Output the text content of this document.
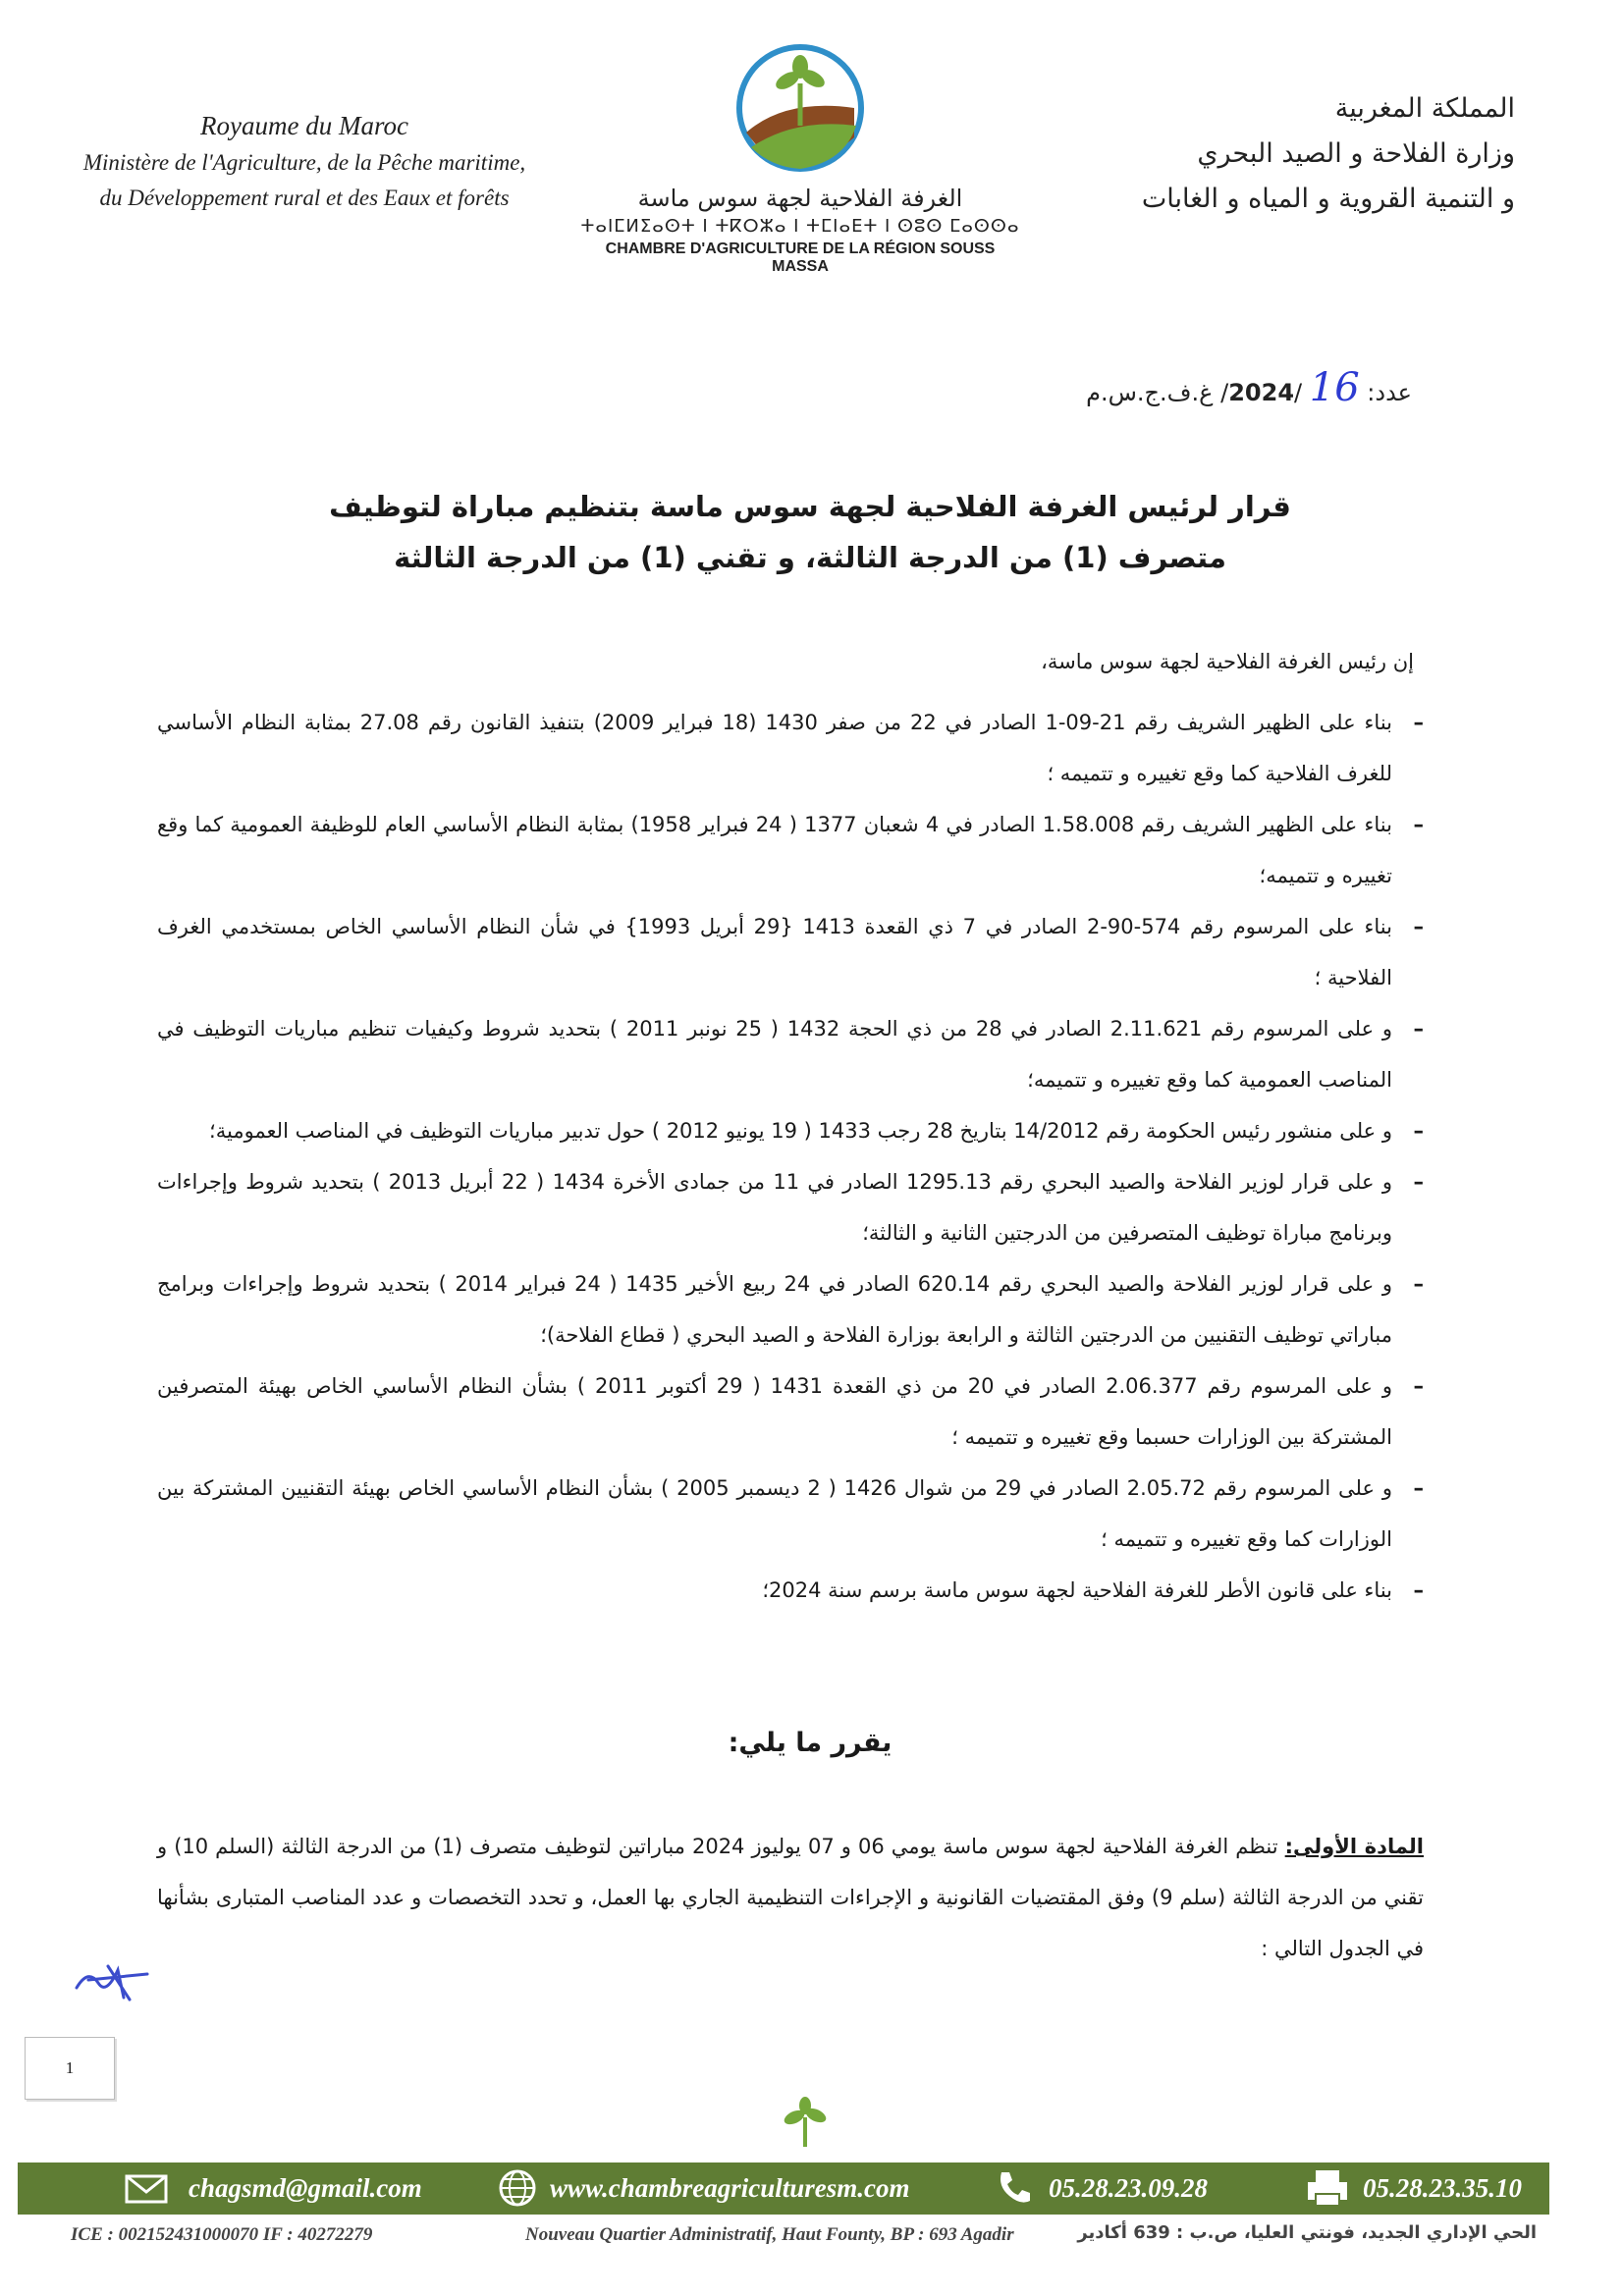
Royaume du Maroc
Ministère de l'Agriculture, de la Pêche maritime,
du Développement rural et des Eaux et forêts	الغرفة الفلاحية لجهة سوس ماسة
ⵜⴰⵏⵎⵍⵉⴰⵙⵜ ⵏ ⵜⴽⵔⵣⴰ ⵏ ⵜⵎⵏⴰⴹⵜ ⵏ ⵙⵓⵙ ⵎⴰⵙⵙⴰ
CHAMBRE D'AGRICULTURE DE LA RÉGION SOUSS MASSA
المملكة المغربية
وزارة الفلاحة و الصيد البحري
و التنمية القروية و المياه و الغابات
عدد: 16 /2024/ غ.ف.ج.س.م
قرار لرئيس الغرفة الفلاحية لجهة سوس ماسة بتنظيم مباراة لتوظيف
متصرف (1) من الدرجة الثالثة، و تقني (1) من الدرجة الثالثة
إن رئيس الغرفة الفلاحية لجهة سوس ماسة،
– بناء على الظهير الشريف رقم 21-09-1 الصادر في 22 من صفر 1430 (18 فبراير 2009) بتنفيذ القانون رقم 27.08 بمثابة النظام الأساسي للغرف الفلاحية كما وقع تغييره و تتميمه ؛
– بناء على الظهير الشريف رقم 1.58.008 الصادر في 4 شعبان 1377 ( 24 فبراير 1958) بمثابة النظام الأساسي العام للوظيفة العمومية كما وقع تغييره و تتميمه؛
– بناء على المرسوم رقم 574-90-2 الصادر في 7 ذي القعدة 1413 {29 أبريل 1993} في شأن النظام الأساسي الخاص بمستخدمي الغرف الفلاحية ؛
– و على المرسوم رقم 2.11.621 الصادر في 28 من ذي الحجة 1432 ( 25 نونبر 2011 ) بتحديد شروط وكيفيات تنظيم مباريات التوظيف في المناصب العمومية كما وقع تغييره و تتميمه؛
– و على منشور رئيس الحكومة رقم 14/2012 بتاريخ 28 رجب 1433 ( 19 يونيو 2012 ) حول تدبير مباريات التوظيف في المناصب العمومية؛
– و على قرار لوزير الفلاحة والصيد البحري رقم 1295.13 الصادر في 11 من جمادى الأخرة 1434 ( 22 أبريل 2013 ) بتحديد شروط وإجراءات وبرنامج مباراة توظيف المتصرفين من الدرجتين الثانية و الثالثة؛
– و على قرار لوزير الفلاحة والصيد البحري رقم 620.14 الصادر في 24 ربيع الأخير 1435 ( 24 فبراير 2014 ) بتحديد شروط وإجراءات وبرامج مباراتي توظيف التقنيين من الدرجتين الثالثة و الرابعة بوزارة الفلاحة و الصيد البحري ( قطاع الفلاحة)؛
– و على المرسوم رقم 2.06.377 الصادر في 20 من ذي القعدة 1431 ( 29 أكتوبر 2011 ) بشأن النظام الأساسي الخاص بهيئة المتصرفين المشتركة بين الوزارات حسبما وقع تغييره و تتميمه ؛
– و على المرسوم رقم 2.05.72 الصادر في 29 من شوال 1426 ( 2 ديسمبر 2005 ) بشأن النظام الأساسي الخاص بهيئة التقنيين المشتركة بين الوزارات كما وقع تغييره و تتميمه ؛
– بناء على قانون الأطر للغرفة الفلاحية لجهة سوس ماسة برسم سنة 2024؛
يقرر ما يلي:
المادة الأولى: تنظم الغرفة الفلاحية لجهة سوس ماسة يومي 06 و 07 يوليوز 2024 مباراتين لتوظيف متصرف (1) من الدرجة الثالثة (السلم 10) و تقني من الدرجة الثالثة (سلم 9) وفق المقتضيات القانونية و الإجراءات التنظيمية الجاري بها العمل، و تحدد التخصصات و عدد المناصب المتبارى بشأنها في الجدول التالي :
1
chagsmd@gmail.com	www.chambreagriculturesm.com	05.28.23.09.28	05.28.23.35.10
ICE : 002152431000070 IF : 40272279	Nouveau Quartier Administratif, Haut Founty, BP : 693 Agadir	الحي الإداري الجديد، فونتي العليا، ص.ب : 639 أكادير
